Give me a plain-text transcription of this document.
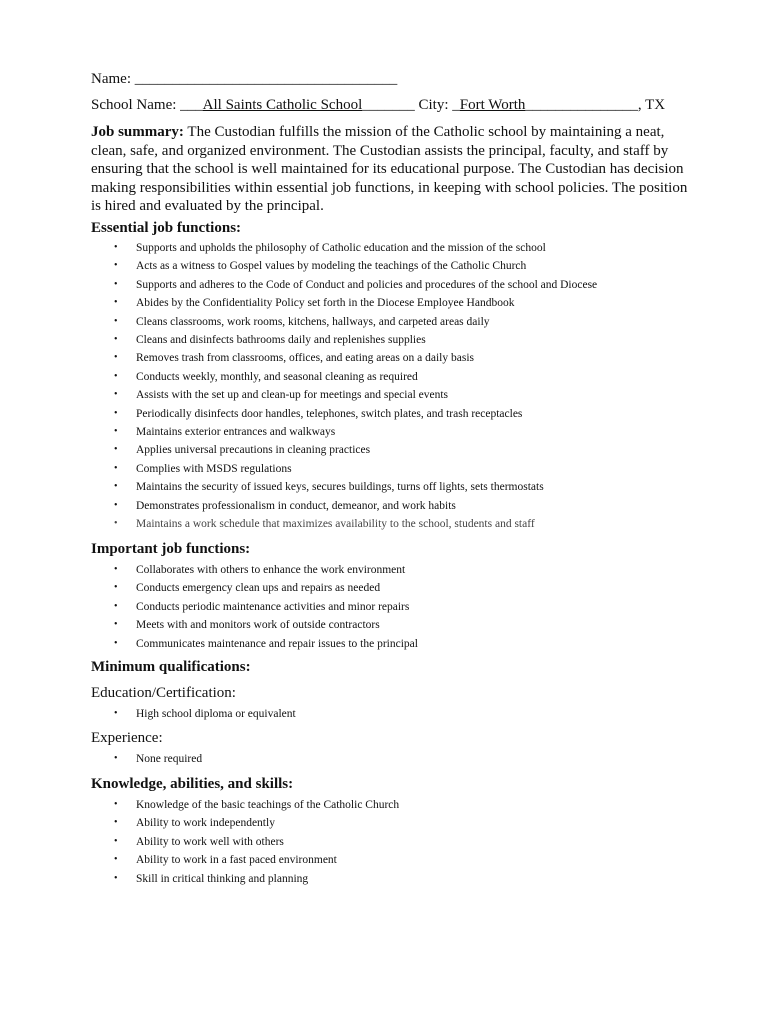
Name: ___________________________________
School Name: ___All Saints Catholic School_______ City: _Fort Worth_______________, TX
Job summary: The Custodian fulfills the mission of the Catholic school by maintaining a neat, clean, safe, and organized environment. The Custodian assists the principal, faculty, and staff by ensuring that the school is well maintained for its educational purpose. The Custodian has decision making responsibilities within essential job functions, in keeping with school policies. The position is hired and evaluated by the principal.
Essential job functions:
• Supports and upholds the philosophy of Catholic education and the mission of the school
• Acts as a witness to Gospel values by modeling the teachings of the Catholic Church
• Supports and adheres to the Code of Conduct and policies and procedures of the school and Diocese
• Abides by the Confidentiality Policy set forth in the Diocese Employee Handbook
• Cleans classrooms, work rooms, kitchens, hallways, and carpeted areas daily
• Cleans and disinfects bathrooms daily and replenishes supplies
• Removes trash from classrooms, offices, and eating areas on a daily basis
• Conducts weekly, monthly, and seasonal cleaning as required
• Assists with the set up and clean-up for meetings and special events
• Periodically disinfects door handles, telephones, switch plates, and trash receptacles
• Maintains exterior entrances and walkways
• Applies universal precautions in cleaning practices
• Complies with MSDS regulations
• Maintains the security of issued keys, secures buildings, turns off lights, sets thermostats
• Demonstrates professionalism in conduct, demeanor, and work habits
• Maintains a work schedule that maximizes availability to the school, students and staff
Important job functions:
• Collaborates with others to enhance the work environment
• Conducts emergency clean ups and repairs as needed
• Conducts periodic maintenance activities and minor repairs
• Meets with and monitors work of outside contractors
• Communicates maintenance and repair issues to the principal
Minimum qualifications:
Education/Certification:
• High school diploma or equivalent
Experience:
• None required
Knowledge, abilities, and skills:
• Knowledge of the basic teachings of the Catholic Church
• Ability to work independently
• Ability to work well with others
• Ability to work in a fast paced environment
• Skill in critical thinking and planning
